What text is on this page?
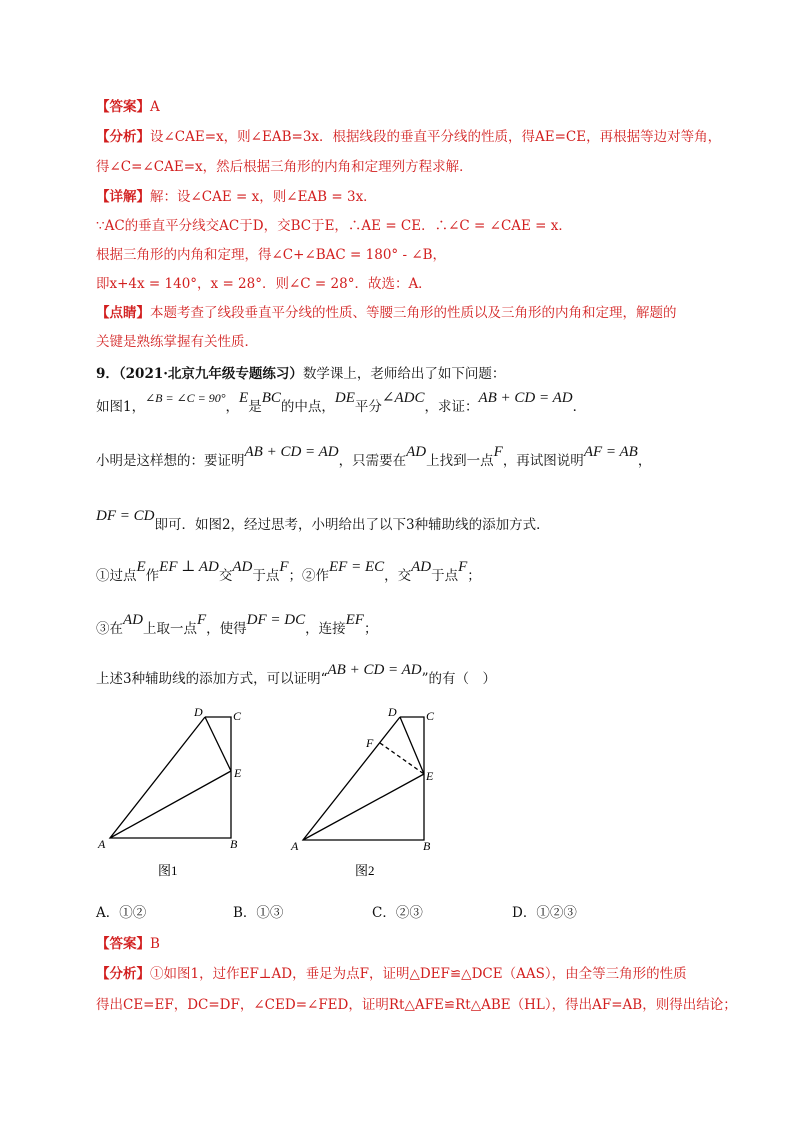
【答案】A
【分析】设∠CAE=x，则∠EAB=3x．根据线段的垂直平分线的性质，得AE=CE，再根据等边对等角，
得∠C=∠CAE=x，然后根据三角形的内角和定理列方程求解．
【详解】解：设∠CAE = x，则∠EAB = 3x．
∵AC的垂直平分线交AC于D，交BC于E，∴AE = CE．∴∠C = ∠CAE = x．
根据三角形的内角和定理，得∠C+∠BAC = 180° - ∠B，
即x+4x = 140°，x = 28°．则∠C = 28°．故选：A．
【点睛】本题考查了线段垂直平分线的性质、等腰三角形的性质以及三角形的内角和定理，解题的
关键是熟练掌握有关性质．
9．（2021·北京九年级专题练习）数学课上，老师给出了如下问题：
如图1，∠B = ∠C = 90°，E是BC的中点，DE平分∠ADC，求证：AB + CD = AD．
小明是这样想的：要证明AB + CD = AD，只需要在AD上找到一点F，再试图说明AF = AB，
DF = CD即可．如图2，经过思考，小明给出了以下3种辅助线的添加方式．
①过点E作EF ⊥ AD交AD于点F；②作EF = EC，交AD于点F；
③在AD上取一点F，使得DF = DC，连接EF；
上述3种辅助线的添加方式，可以证明“AB + CD = AD”的有（　）
D	C
E
A	B
图1
D C
F
E
A	B
图2
A．①②	B．①③	C．②③	D．①②③
【答案】B
【分析】①如图1，过作EF⊥AD，垂足为点F，证明△DEF≌△DCE（AAS），由全等三角形的性质
得出CE=EF，DC=DF，∠CED=∠FED，证明Rt△AFE≌Rt△ABE（HL），得出AF=AB，则得出结论；
